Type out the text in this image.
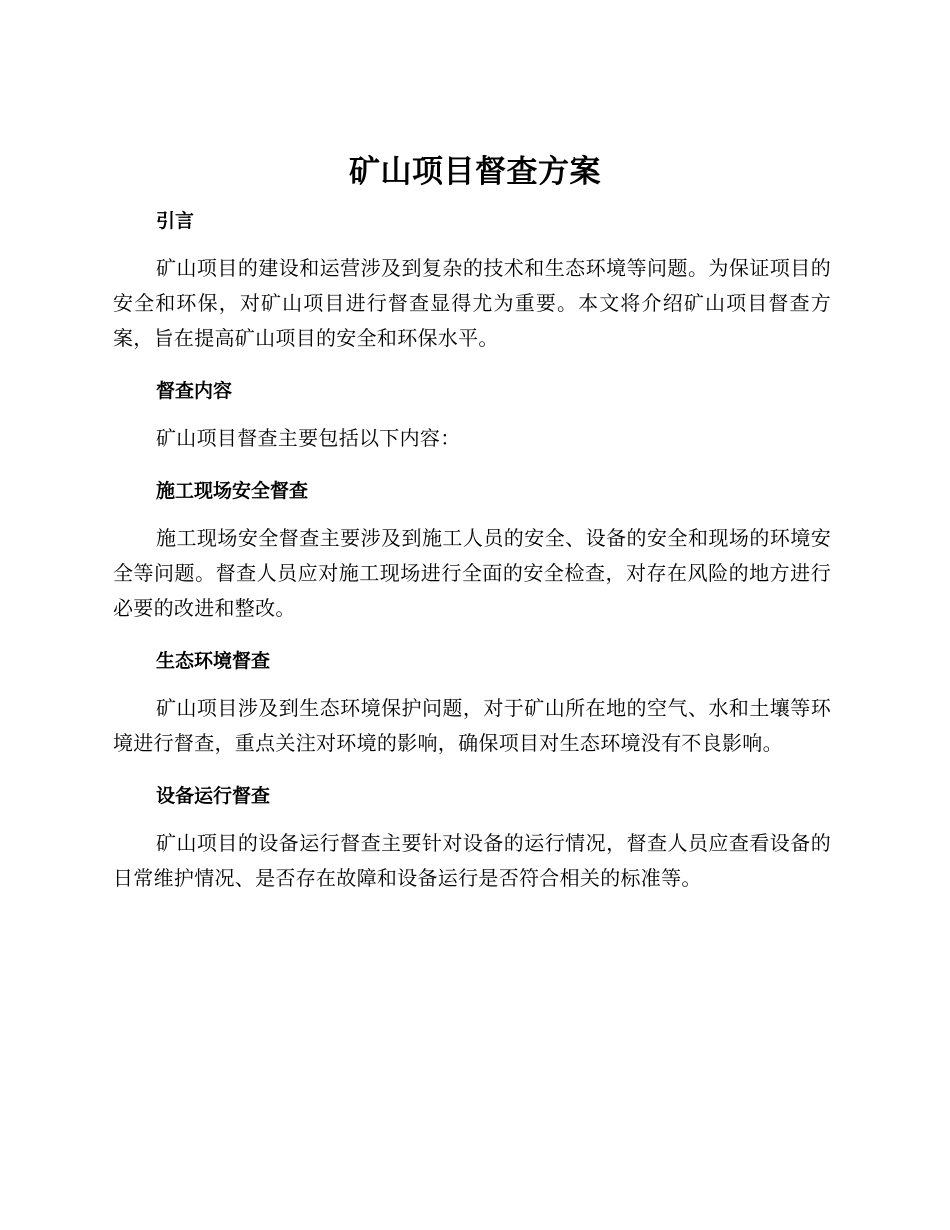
矿山项目督查方案
引言

矿山项目的建设和运营涉及到复杂的技术和生态环境等问题。为保证项目的安全和环保，对矿山项目进行督查显得尤为重要。本文将介绍矿山项目督查方案，旨在提高矿山项目的安全和环保水平。

督查内容

矿山项目督查主要包括以下内容：

施工现场安全督查

施工现场安全督查主要涉及到施工人员的安全、设备的安全和现场的环境安全等问题。督查人员应对施工现场进行全面的安全检查，对存在风险的地方进行必要的改进和整改。

生态环境督查

矿山项目涉及到生态环境保护问题，对于矿山所在地的空气、水和土壤等环境进行督查，重点关注对环境的影响，确保项目对生态环境没有不良影响。

设备运行督查

矿山项目的设备运行督查主要针对设备的运行情况，督查人员应查看设备的日常维护情况、是否存在故障和设备运行是否符合相关的标准等。
